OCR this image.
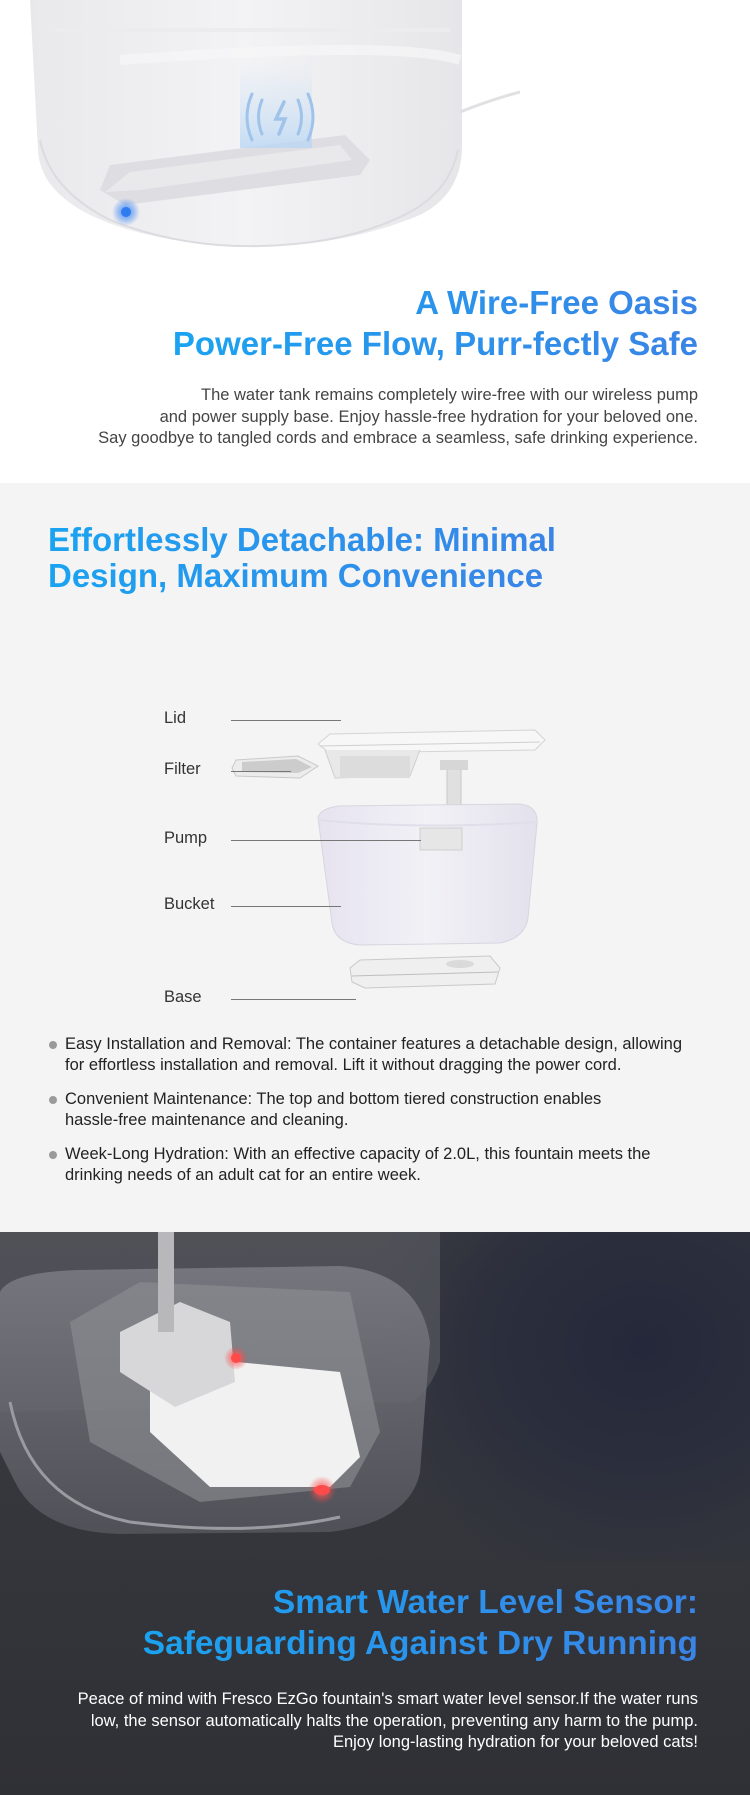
A Wire-Free Oasis
Power-Free Flow, Purr-fectly Safe
The water tank remains completely wire-free with our wireless pump
and power supply base. Enjoy hassle-free hydration for your beloved one.
Say goodbye to tangled cords and embrace a seamless, safe drinking experience.
Effortlessly Detachable: Minimal
Design, Maximum Convenience
Lid
Filter
Pump
Bucket
Base
Easy Installation and Removal: The container features a detachable design, allowing
for effortless installation and removal. Lift it without dragging the power cord.
Convenient Maintenance: The top and bottom tiered construction enables
hassle-free maintenance and cleaning.
Week-Long Hydration: With an effective capacity of 2.0L, this fountain meets the
drinking needs of an adult cat for an entire week.
Smart Water Level Sensor:
Safeguarding Against Dry Running
Peace of mind with Fresco EzGo fountain's smart water level sensor.If the water runs
low, the sensor automatically halts the operation, preventing any harm to the pump.
Enjoy long-lasting hydration for your beloved cats!
